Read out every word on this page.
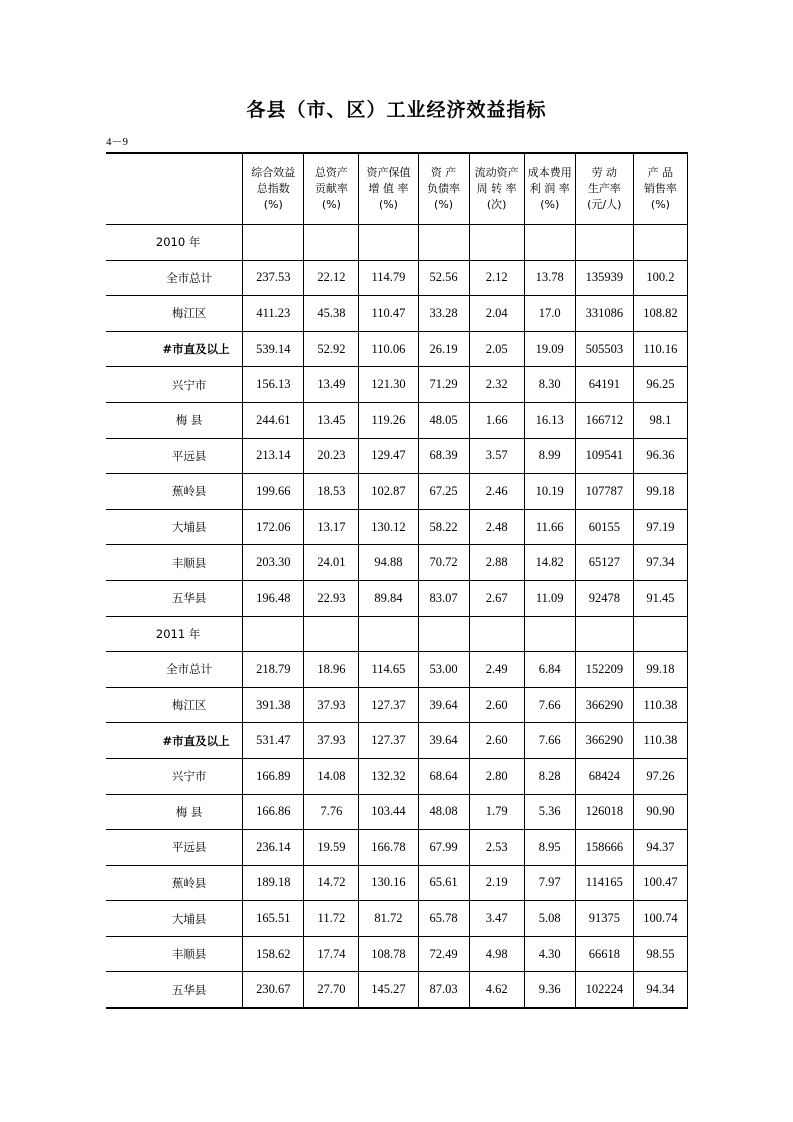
各县（市、区）工业经济效益指标
4－9

	综合效益
总指数
(%)	总资产
贡献率
(%)	资产保值
增 值 率
(%)	资 产
负债率
(%)	流动资产
周 转 率
(次)	成本费用
利 润 率
(%)	劳 动
生产率
(元/人)	产 品
销售率
(%)

2010 年								

全市总计	237.53	22.12	114.79	52.56	2.12	13.78	135939	100.2

梅江区	411.23	45.38	110.47	33.28	2.04	17.0	331086	108.82

#市直及以上	539.14	52.92	110.06	26.19	2.05	19.09	505503	110.16

兴宁市	156.13	13.49	121.30	71.29	2.32	8.30	64191	96.25

梅 县	244.61	13.45	119.26	48.05	1.66	16.13	166712	98.1

平远县	213.14	20.23	129.47	68.39	3.57	8.99	109541	96.36

蕉岭县	199.66	18.53	102.87	67.25	2.46	10.19	107787	99.18

大埔县	172.06	13.17	130.12	58.22	2.48	11.66	60155	97.19

丰顺县	203.30	24.01	94.88	70.72	2.88	14.82	65127	97.34

五华县	196.48	22.93	89.84	83.07	2.67	11.09	92478	91.45

2011 年								

全市总计	218.79	18.96	114.65	53.00	2.49	6.84	152209	99.18

梅江区	391.38	37.93	127.37	39.64	2.60	7.66	366290	110.38

#市直及以上	531.47	37.93	127.37	39.64	2.60	7.66	366290	110.38

兴宁市	166.89	14.08	132.32	68.64	2.80	8.28	68424	97.26

梅 县	166.86	7.76	103.44	48.08	1.79	5.36	126018	90.90

平远县	236.14	19.59	166.78	67.99	2.53	8.95	158666	94.37

蕉岭县	189.18	14.72	130.16	65.61	2.19	7.97	114165	100.47

大埔县	165.51	11.72	81.72	65.78	3.47	5.08	91375	100.74

丰顺县	158.62	17.74	108.78	72.49	4.98	4.30	66618	98.55

五华县	230.67	27.70	145.27	87.03	4.62	9.36	102224	94.34
